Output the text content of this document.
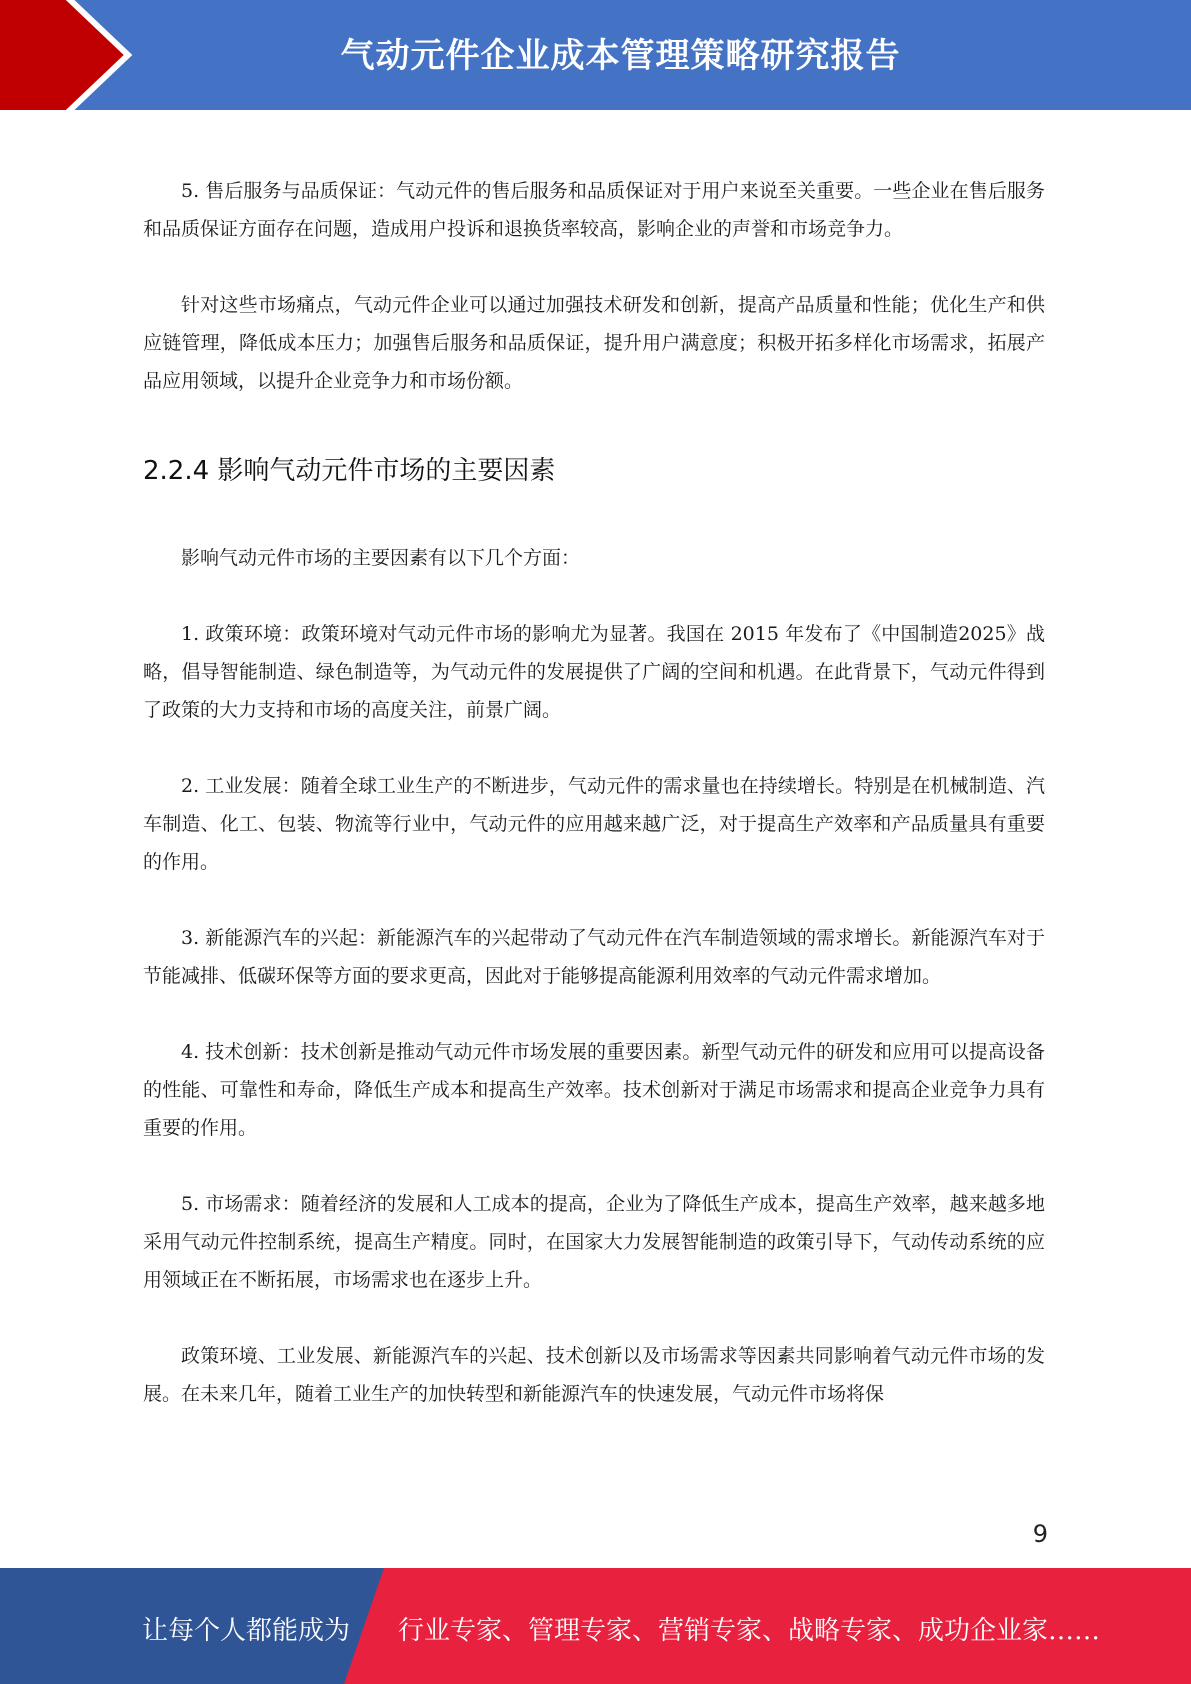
气动元件企业成本管理策略研究报告

5. 售后服务与品质保证：气动元件的售后服务和品质保证对于用户来说至关重要。一些企业在售后服务和品质保证方面存在问题，造成用户投诉和退换货率较高，影响企业的声誉和市场竞争力。

针对这些市场痛点，气动元件企业可以通过加强技术研发和创新，提高产品质量和性能；优化生产和供应链管理，降低成本压力；加强售后服务和品质保证，提升用户满意度；积极开拓多样化市场需求，拓展产品应用领域，以提升企业竞争力和市场份额。

2.2.4 影响气动元件市场的主要因素

影响气动元件市场的主要因素有以下几个方面：

1. 政策环境：政策环境对气动元件市场的影响尤为显著。我国在 2015 年发布了《中国制造2025》战略，倡导智能制造、绿色制造等，为气动元件的发展提供了广阔的空间和机遇。在此背景下，气动元件得到了政策的大力支持和市场的高度关注，前景广阔。

2. 工业发展：随着全球工业生产的不断进步，气动元件的需求量也在持续增长。特别是在机械制造、汽车制造、化工、包装、物流等行业中，气动元件的应用越来越广泛，对于提高生产效率和产品质量具有重要的作用。

3. 新能源汽车的兴起：新能源汽车的兴起带动了气动元件在汽车制造领域的需求增长。新能源汽车对于节能减排、低碳环保等方面的要求更高，因此对于能够提高能源利用效率的气动元件需求增加。

4. 技术创新：技术创新是推动气动元件市场发展的重要因素。新型气动元件的研发和应用可以提高设备的性能、可靠性和寿命，降低生产成本和提高生产效率。技术创新对于满足市场需求和提高企业竞争力具有重要的作用。

5. 市场需求：随着经济的发展和人工成本的提高，企业为了降低生产成本，提高生产效率，越来越多地采用气动元件控制系统，提高生产精度。同时，在国家大力发展智能制造的政策引导下，气动传动系统的应用领域正在不断拓展，市场需求也在逐步上升。

政策环境、工业发展、新能源汽车的兴起、技术创新以及市场需求等因素共同影响着气动元件市场的发展。在未来几年，随着工业生产的加快转型和新能源汽车的快速发展，气动元件市场将保

9
让每个人都能成为 行业专家、管理专家、营销专家、战略专家、成功企业家……
